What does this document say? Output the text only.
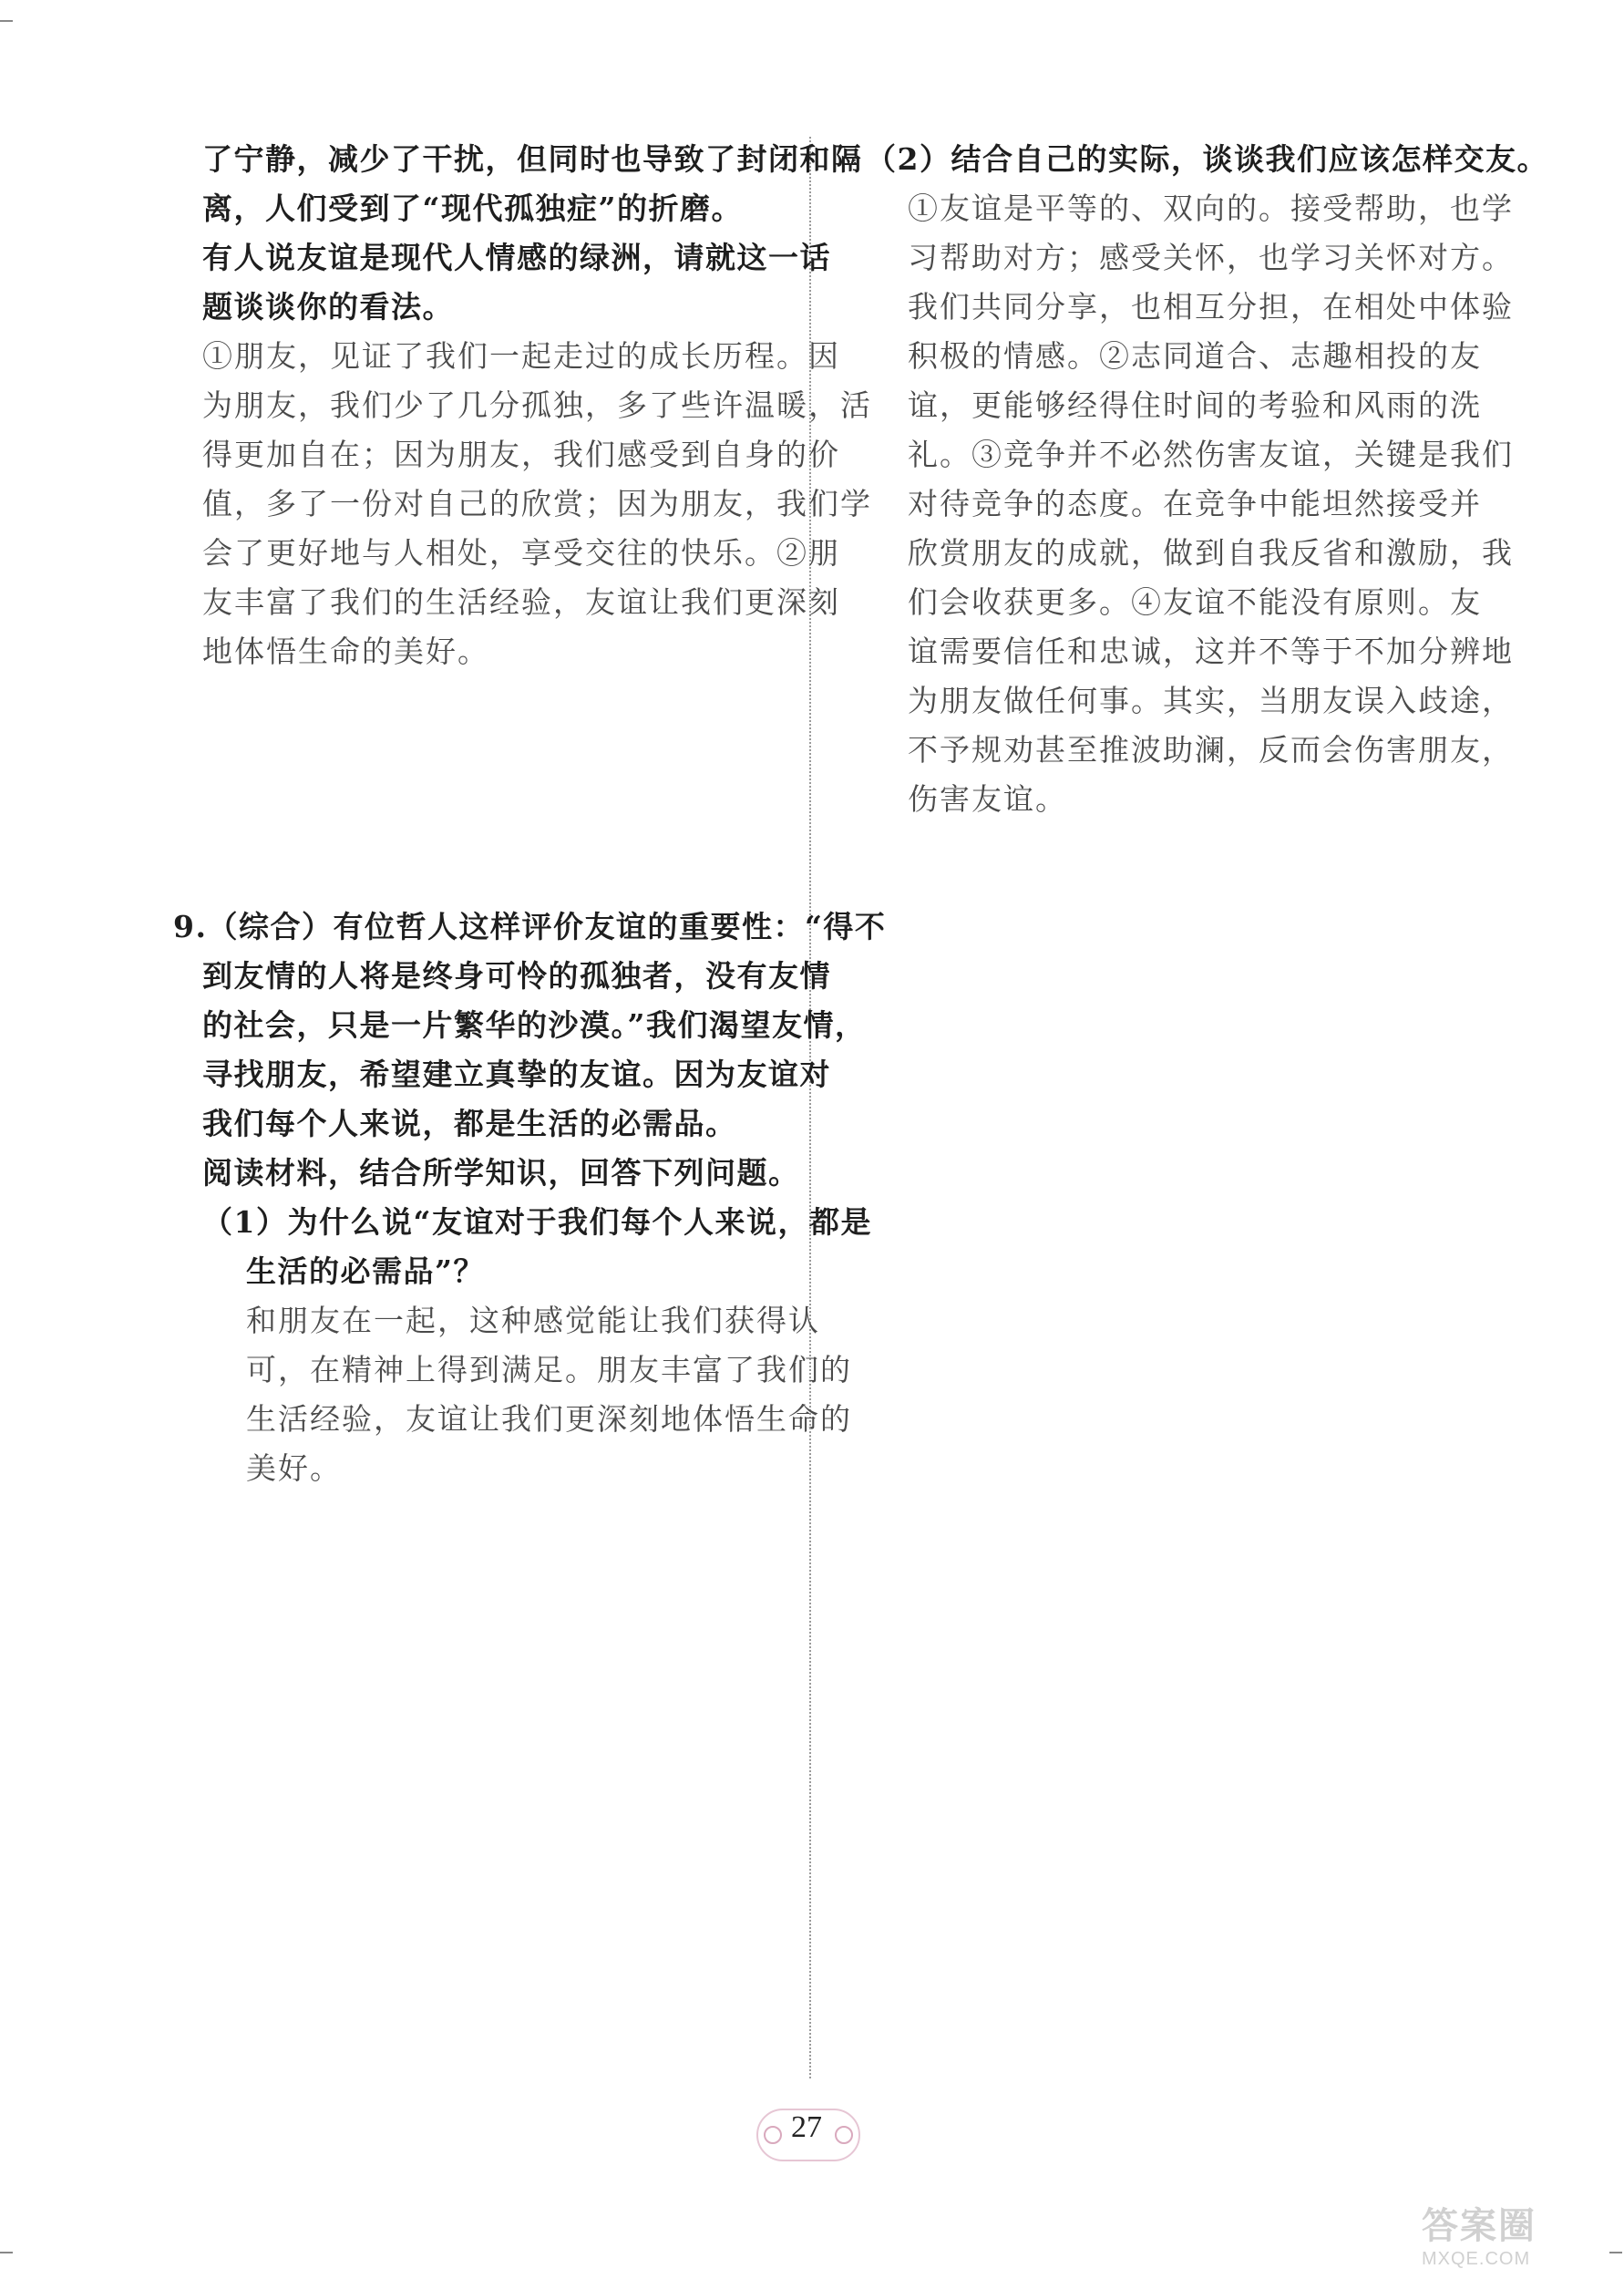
了宁静，减少了干扰，但同时也导致了封闭和隔

离，人们受到了“现代孤独症”的折磨。

有人说友谊是现代人情感的绿洲，请就这一话

题谈谈你的看法。

①朋友，见证了我们一起走过的成长历程。因

为朋友，我们少了几分孤独，多了些许温暖，活

得更加自在；因为朋友，我们感受到自身的价

值，多了一份对自己的欣赏；因为朋友，我们学

会了更好地与人相处，享受交往的快乐。②朋

友丰富了我们的生活经验，友谊让我们更深刻

地体悟生命的美好。

9.（综合）有位哲人这样评价友谊的重要性：“得不

到友情的人将是终身可怜的孤独者，没有友情

的社会，只是一片繁华的沙漠。”我们渴望友情，

寻找朋友，希望建立真挚的友谊。因为友谊对

我们每个人来说，都是生活的必需品。

阅读材料，结合所学知识，回答下列问题。

（1）为什么说“友谊对于我们每个人来说，都是

生活的必需品”？

和朋友在一起，这种感觉能让我们获得认

可，在精神上得到满足。朋友丰富了我们的

生活经验，友谊让我们更深刻地体悟生命的

美好。

（2）结合自己的实际，谈谈我们应该怎样交友。

①友谊是平等的、双向的。接受帮助，也学

习帮助对方；感受关怀，也学习关怀对方。

我们共同分享，也相互分担，在相处中体验

积极的情感。②志同道合、志趣相投的友

谊，更能够经得住时间的考验和风雨的洗

礼。③竞争并不必然伤害友谊，关键是我们

对待竞争的态度。在竞争中能坦然接受并

欣赏朋友的成就，做到自我反省和激励，我

们会收获更多。④友谊不能没有原则。友

谊需要信任和忠诚，这并不等于不加分辨地

为朋友做任何事。其实，当朋友误入歧途，

不予规劝甚至推波助澜，反而会伤害朋友，

伤害友谊。

27
答案圈
MXQE.COM
